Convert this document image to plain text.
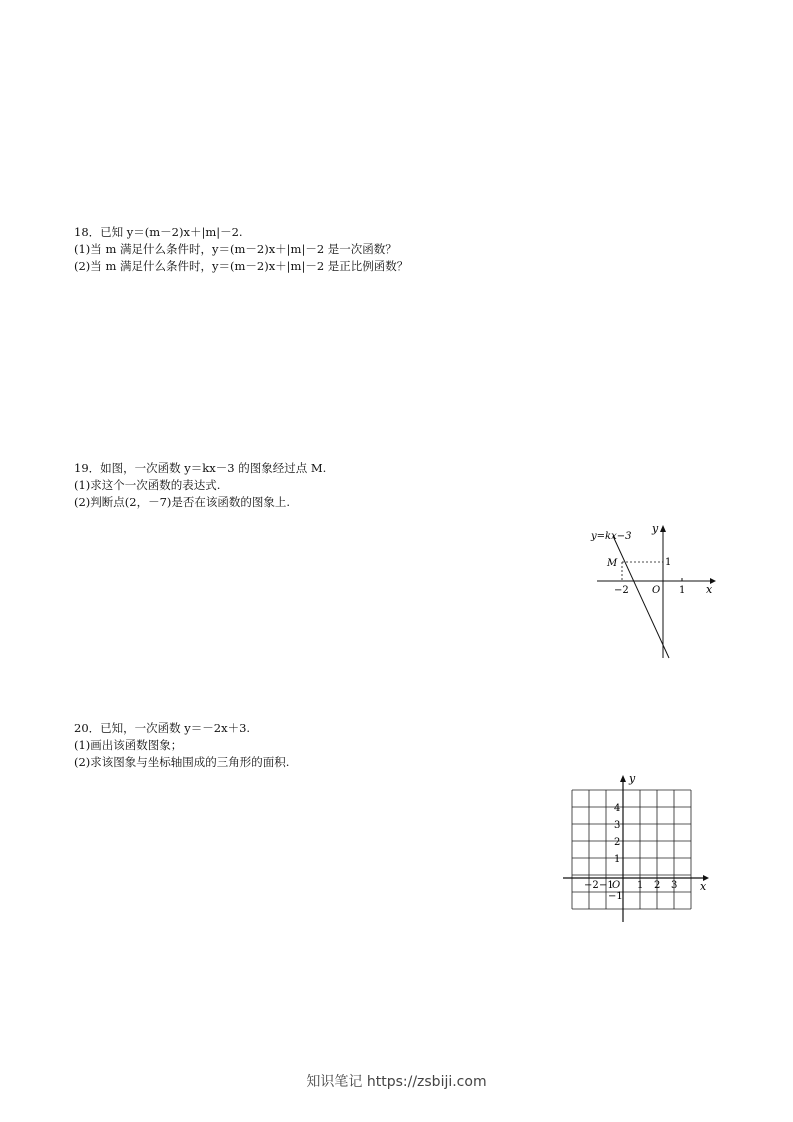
18．已知 y＝(m－2)x＋|m|－2.
(1)当 m 满足什么条件时，y＝(m－2)x＋|m|－2 是一次函数？
(2)当 m 满足什么条件时，y＝(m－2)x＋|m|－2 是正比例函数？
19．如图，一次函数 y＝kx－3 的图象经过点 M.
(1)求这个一次函数的表达式.
(2)判断点(2，－7)是否在该函数的图象上.
y=kx−3
y
x
O
M
−2	1
1
20．已知，一次函数 y＝－2x＋3.
(1)画出该函数图象；
(2)求该图象与坐标轴围成的三角形的面积.
y
x
O
−2 −1 1 2 3
4
3
2
1
−1
知识笔记 https://zsbiji.com
